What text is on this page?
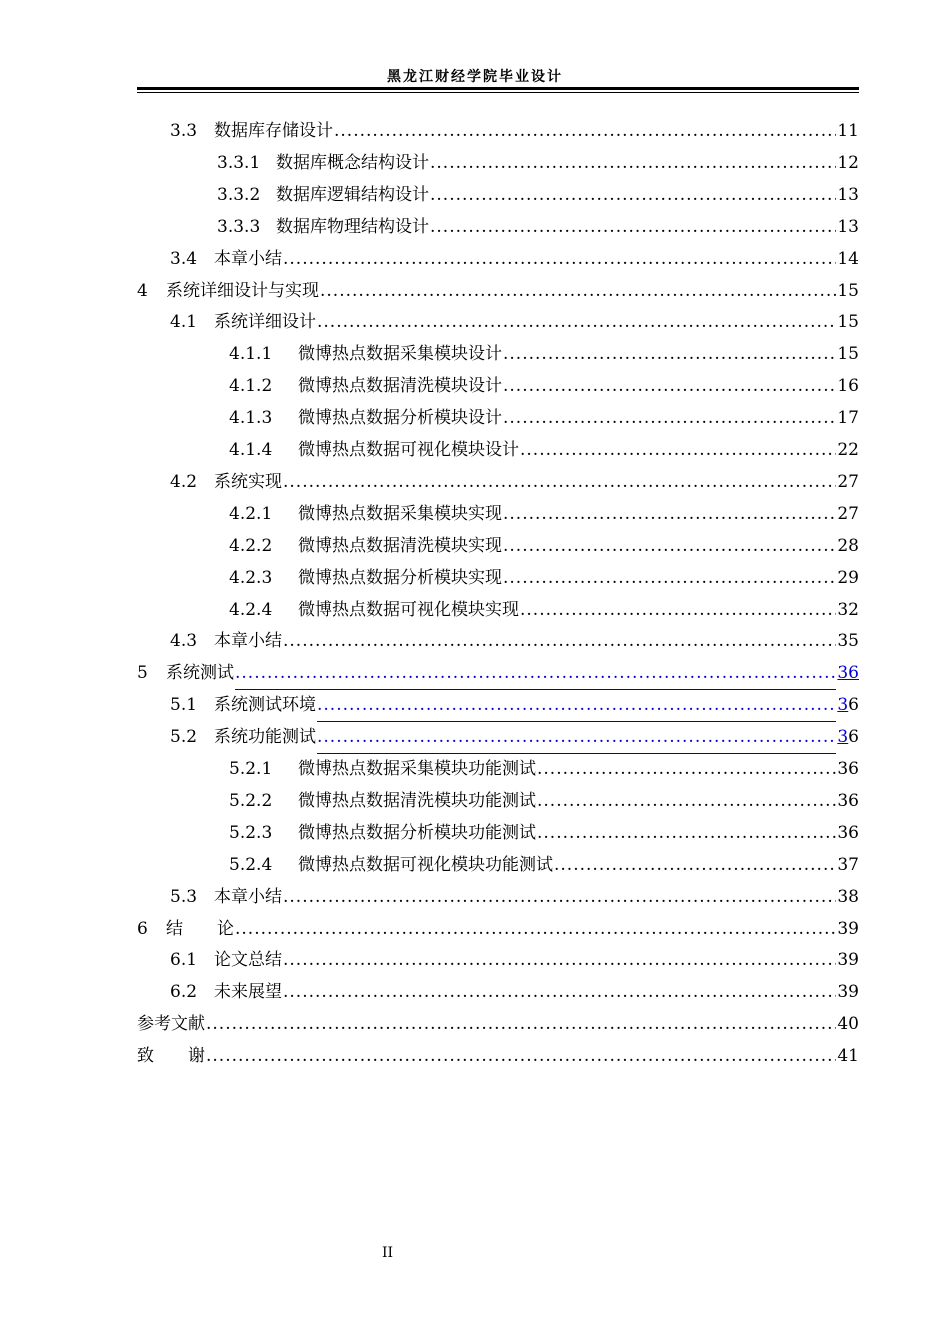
黑龙江财经学院毕业设计
3.3 数据库存储设计 .....	11
3.3.1 数据库概念结构设计 .....	12
3.3.2 数据库逻辑结构设计 .....	13
3.3.3 数据库物理结构设计 .....	13
3.4 本章小结 .....	14
4	系统详细设计与实现 .....	15
4.1 系统详细设计 .....	15
4.1.1 微博热点数据采集模块设计 .....	15
4.1.2 微博热点数据清洗模块设计 .....	16
4.1.3 微博热点数据分析模块设计 .....	17
4.1.4 微博热点数据可视化模块设计 .....	22
4.2 系统实现 .....	27
4.2.1 微博热点数据采集模块实现 .....	27
4.2.2 微博热点数据清洗模块实现 .....	28
4.2.3 微博热点数据分析模块实现 .....	29
4.2.4 微博热点数据可视化模块实现 .....	32
4.3 本章小结 .....	35
5	系统测试 .....	36
5.1 系统测试环境 .....	36
5.2 系统功能测试 .....	36
5.2.1 微博热点数据采集模块功能测试 .....	36
5.2.2 微博热点数据清洗模块功能测试 .....	36
5.2.3 微博热点数据分析模块功能测试 .....	36
5.2.4 微博热点数据可视化模块功能测试 .....	37
5.3 本章小结 .....	38
6	结　　论 .....	39
6.1 论文总结 .....	39
6.2 未来展望 .....	39
参考文献 .....	40
致　　谢 .....	41
II
